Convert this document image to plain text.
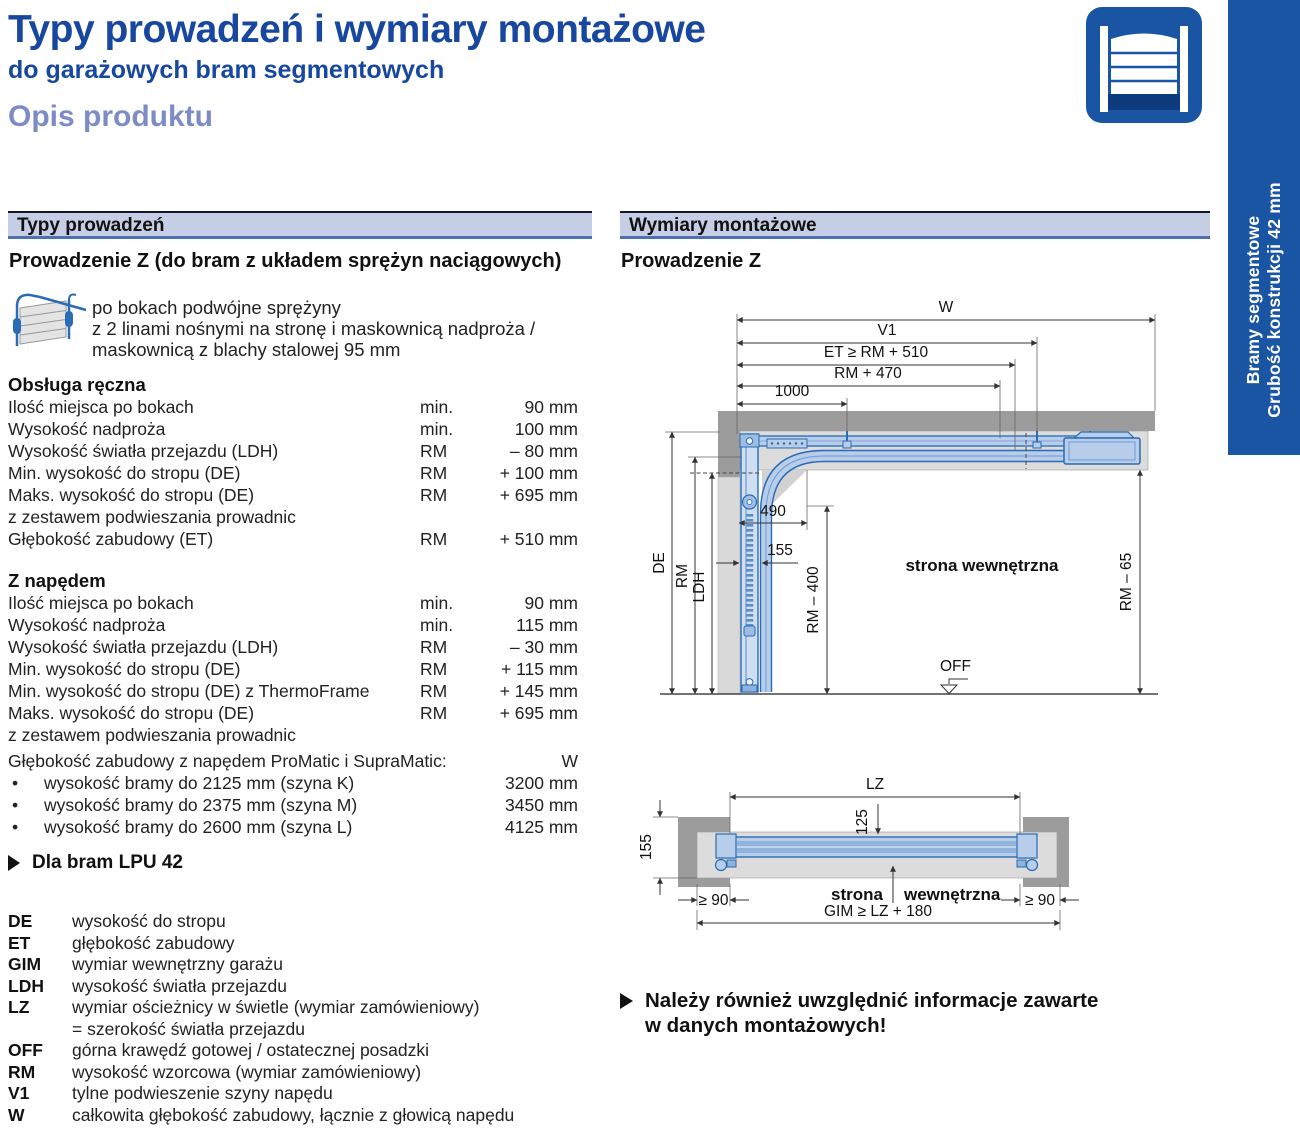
Typy prowadzeń i wymiary montażowe
do garażowych bram segmentowych
Opis produktu
Bramy segmentowe Grubość konstrukcji 42 mm
Typy prowadzeń
Prowadzenie Z (do bram z układem sprężyn naciągowych)
po bokach podwójne sprężyny
z 2 linami nośnymi na stronę i maskownicą nadproża /
maskownicą z blachy stalowej 95 mm
Obsługa ręczna
Ilość miejsca po bokach	min.	90 mm
Wysokość nadproża	min.	100 mm
Wysokość światła przejazdu (LDH)	RM	– 80 mm
Min. wysokość do stropu (DE)	RM	+ 100 mm
Maks. wysokość do stropu (DE)	RM	+ 695 mm
z zestawem podwieszania prowadnic
Głębokość zabudowy (ET)	RM	+ 510 mm
Z napędem
Ilość miejsca po bokach	min.	90 mm
Wysokość nadproża	min.	115 mm
Wysokość światła przejazdu (LDH)	RM	– 30 mm
Min. wysokość do stropu (DE)	RM	+ 115 mm
Min. wysokość do stropu (DE) z ThermoFrame	RM	+ 145 mm
Maks. wysokość do stropu (DE)	RM	+ 695 mm
z zestawem podwieszania prowadnic
Głębokość zabudowy z napędem ProMatic i SupraMatic:	W
•	wysokość bramy do 2125 mm (szyna K)	3200 mm
•	wysokość bramy do 2375 mm (szyna M)	3450 mm
•	wysokość bramy do 2600 mm (szyna L)	4125 mm
Dla bram LPU 42
DE	wysokość do stropu
ET	głębokość zabudowy
GIM	wymiar wewnętrzny garażu
LDH	wysokość światła przejazdu
LZ	wymiar ościeżnicy w świetle (wymiar zamówieniowy)
= szerokość światła przejazdu
OFF	górna krawędź gotowej / ostatecznej posadzki
RM	wysokość wzorcowa (wymiar zamówieniowy)
V1	tylne podwieszenie szyny napędu
W	całkowita głębokość zabudowy, łącznie z głowicą napędu
Wymiary montażowe
Prowadzenie Z
W
V1
ET ≥ RM + 510
RM + 470
1000
DE
RM LDH
490
155
RM – 400
strona wewnętrzna	RM – 65
OFF
LZ
125
155
≥ 90	≥ 90
strona wewnętrzna
GIM ≥ LZ + 180
Należy również uwzględnić informacje zawarte
w danych montażowych!
